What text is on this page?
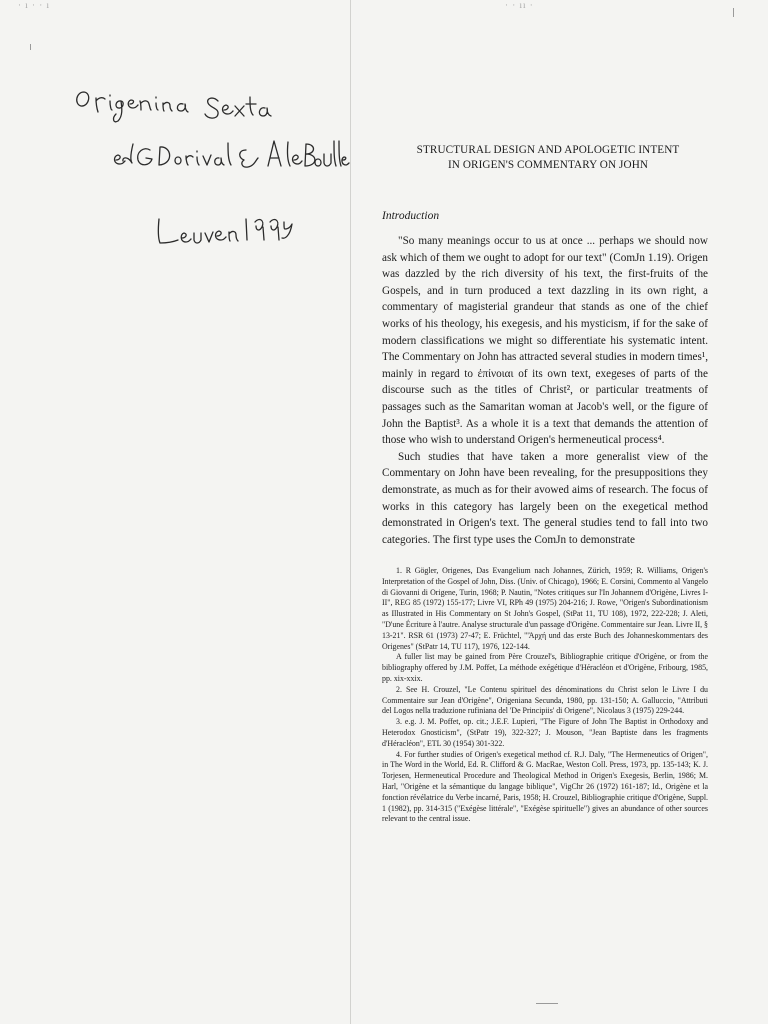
· ı · · ı	· · ıı ·
STRUCTURAL DESIGN AND APOLOGETIC INTENT
IN ORIGEN'S COMMENTARY ON JOHN
Introduction

"So many meanings occur to us at once ... perhaps we should now ask which of them we ought to adopt for our text" (ComJn 1.19). Origen was dazzled by the rich diversity of his text, the first-fruits of the Gospels, and in turn produced a text dazzling in its own right, a commentary of magisterial grandeur that stands as one of the chief works of his theology, his exegesis, and his mysticism, if for the sake of modern classifications we might so differentiate his systematic intent. The Commentary on John has attracted several studies in modern times¹, mainly in regard to ἐπίνοιαι of its own text, exegeses of parts of the discourse such as the titles of Christ², or particular treatments of passages such as the Samaritan woman at Jacob's well, or the figure of John the Baptist³. As a whole it is a text that demands the attention of those who wish to understand Origen's hermeneutical process⁴.

Such studies that have taken a more generalist view of the Commentary on John have been revealing, for the presuppositions they demonstrate, as much as for their avowed aims of research. The focus of works in this category has largely been on the exegetical method demonstrated in Origen's text. The general studies tend to fall into two categories. The first type uses the ComJn to demonstrate

1. R Gögler, Origenes, Das Evangelium nach Johannes, Zürich, 1959; R. Williams, Origen's Interpretation of the Gospel of John, Diss. (Univ. of Chicago), 1966; E. Corsini, Commento al Vangelo di Giovanni di Origene, Turin, 1968; P. Nautin, "Notes critiques sur l'In Johannem d'Origène, Livres I-II", REG 85 (1972) 155-177; Livre VI, RPh 49 (1975) 204-216; J. Rowe, "Origen's Subordinationism as Illustrated in His Commentary on St John's Gospel, (StPat 11, TU 108), 1972, 222-228; J. Aleti, "D'une Écriture à l'autre. Analyse structurale d'un passage d'Origène. Commentaire sur Jean. Livre II, § 13-21". RSR 61 (1973) 27-47; E. Früchtel, "'Ἀρχή und das erste Buch des Johanneskommentars des Origenes" (StPatr 14, TU 117), 1976, 122-144.

A fuller list may be gained from Père Crouzel's, Bibliographie critique d'Origène, or from the bibliography offered by J.M. Poffet, La méthode exégétique d'Héracléon et d'Origène, Fribourg, 1985, pp. xix-xxix.

2. See H. Crouzel, "Le Contenu spirituel des dénominations du Christ selon le Livre I du Commentaire sur Jean d'Origène", Origeniana Secunda, 1980, pp. 131-150; A. Galluccio, "Attributi del Logos nella traduzione rufiniana del 'De Principiis' di Origene", Nicolaus 3 (1975) 229-244.

3. e.g. J. M. Poffet, op. cit.; J.E.F. Lupieri, "The Figure of John The Baptist in Orthodoxy and Heterodox Gnosticism", (StPatr 19), 322-327; J. Mouson, "Jean Baptiste dans les fragments d'Héracléon", ETL 30 (1954) 301-322.

4. For further studies of Origen's exegetical method cf. R.J. Daly, "The Hermeneutics of Origen", in The Word in the World, Ed. R. Clifford & G. MacRae, Weston Coll. Press, 1973, pp. 135-143; K. J. Torjesen, Hermeneutical Procedure and Theological Method in Origen's Exegesis, Berlin, 1986; M. Harl, "Origène et la sémantique du langage biblique", VigChr 26 (1972) 161-187; Id., Origène et la fonction révélatrice du Verbe incarné, Paris, 1958; H. Crouzel, Bibliographie critique d'Origène, Suppl. 1 (1982), pp. 314-315 ("Exégèse littérale", "Exégèse spirituelle") gives an abundance of other sources relevant to the central issue.
